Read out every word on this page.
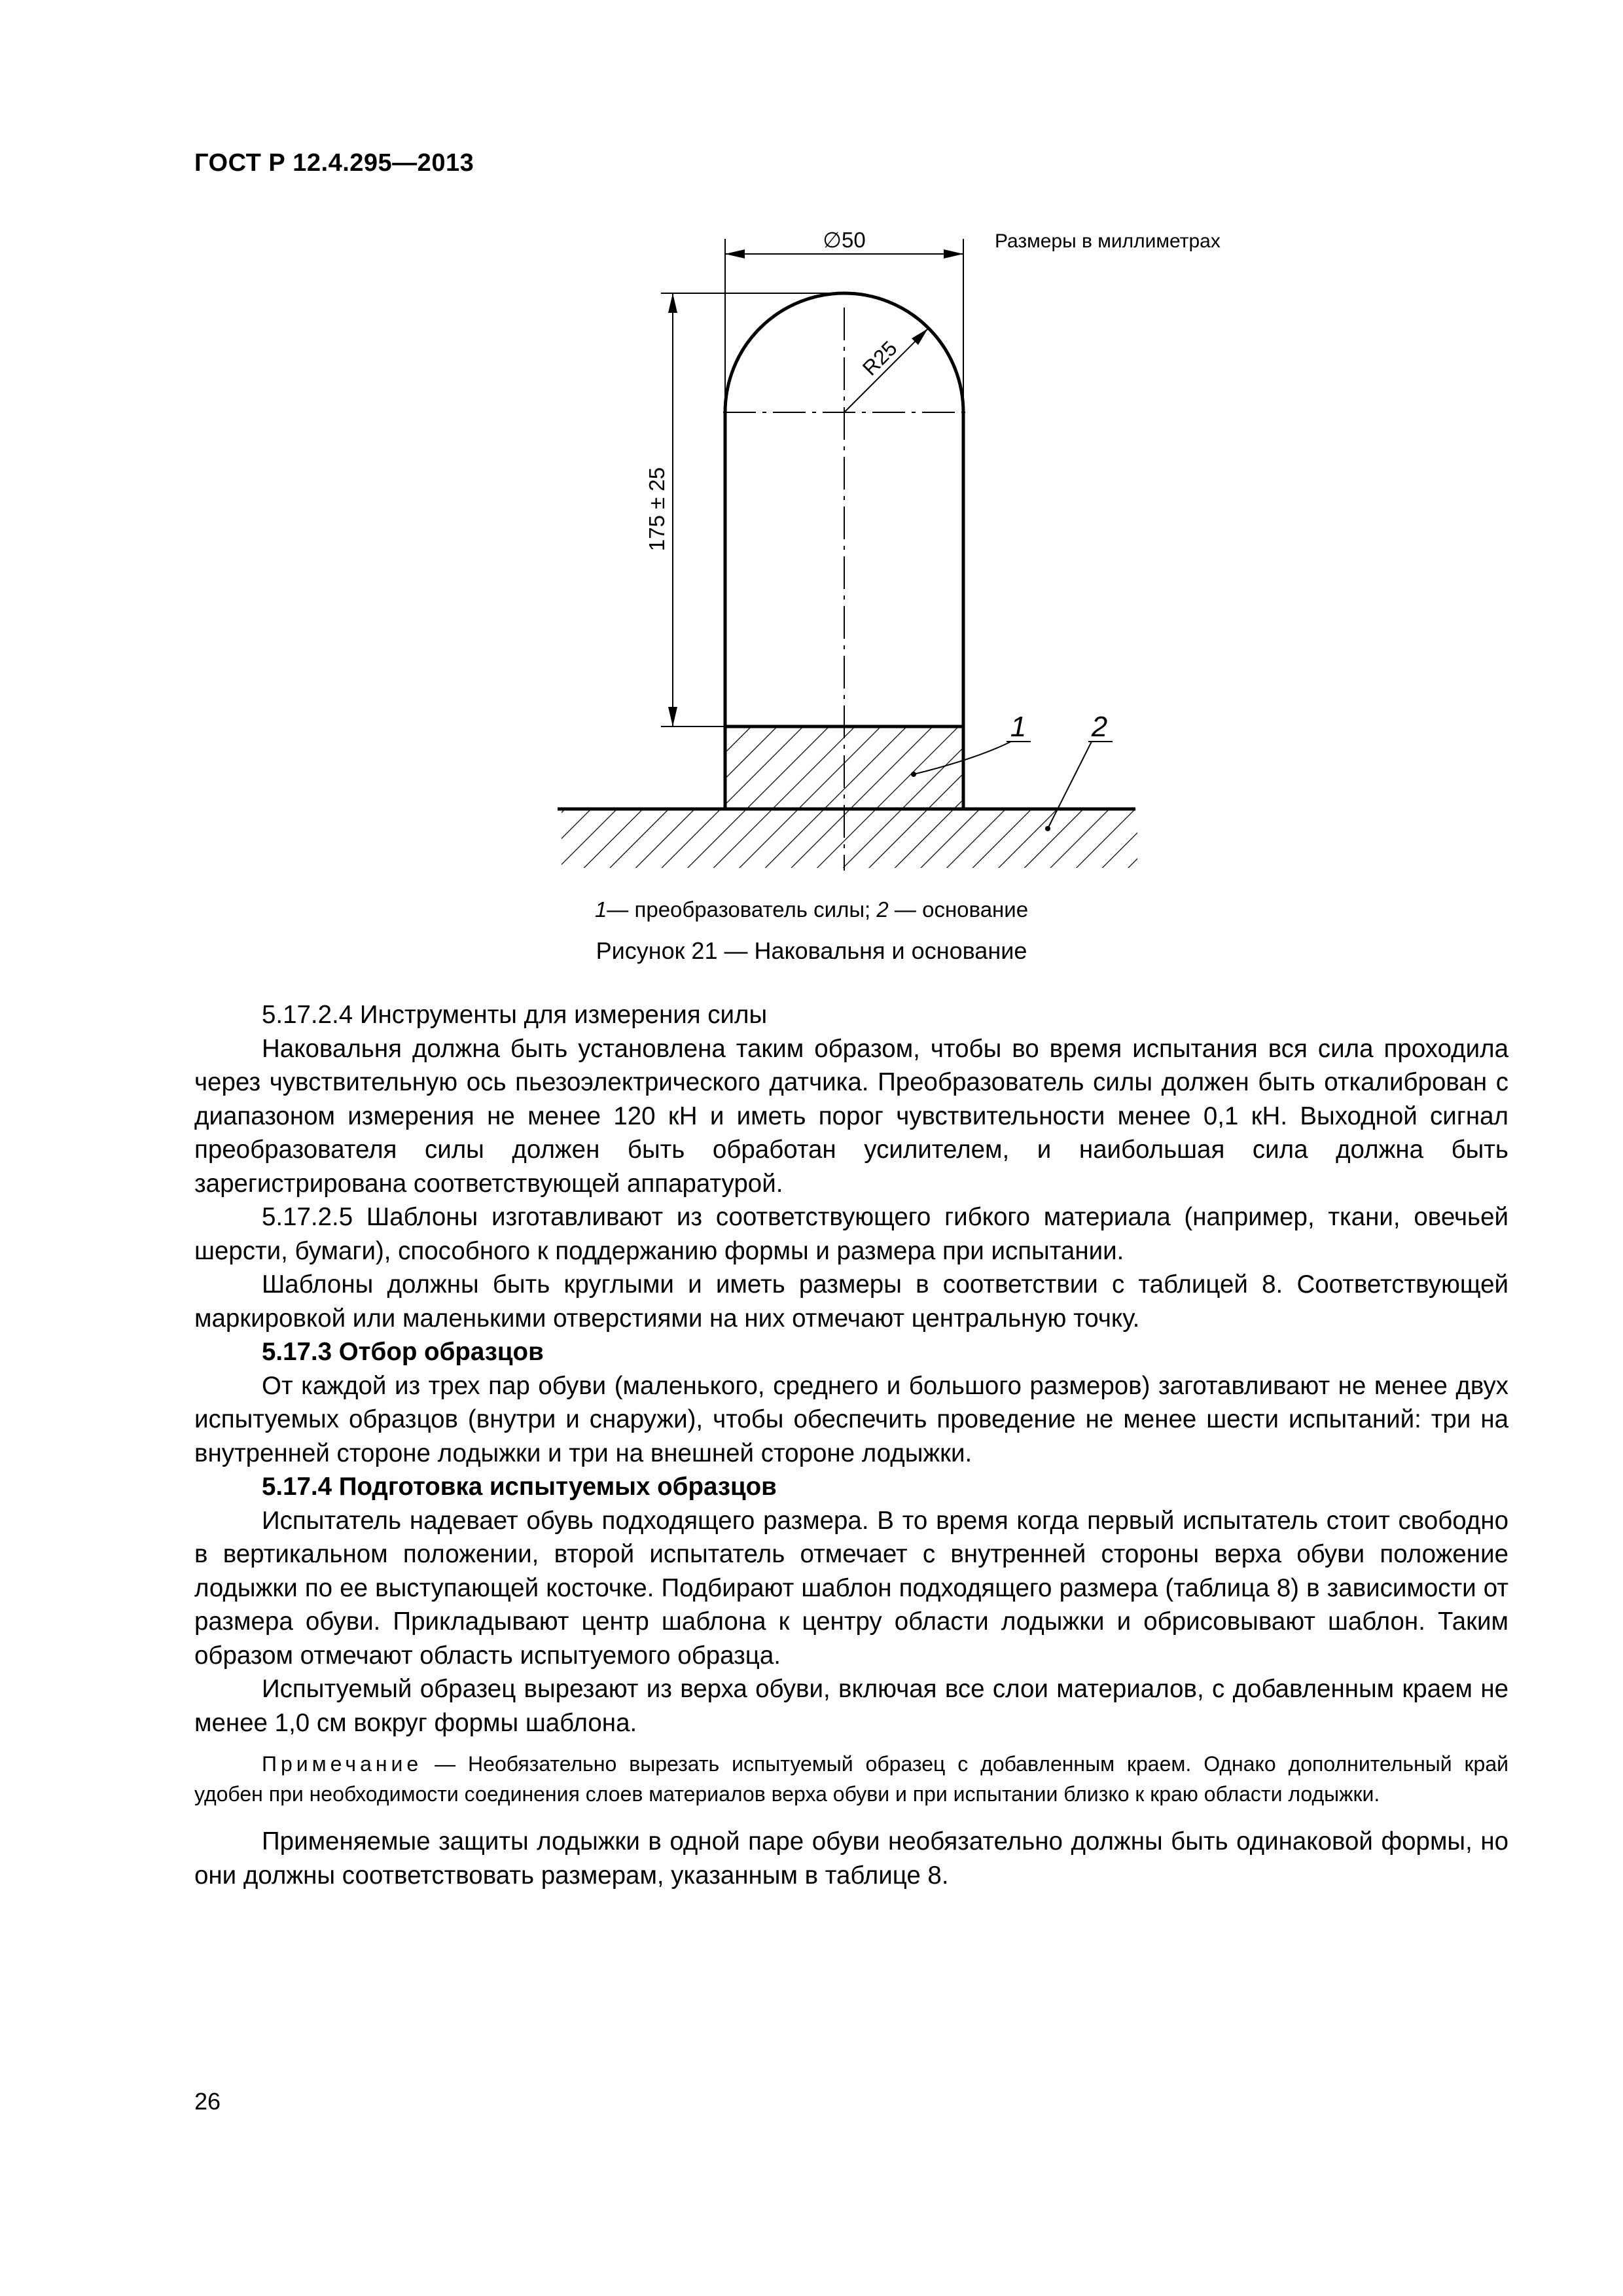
ГОСТ Р 12.4.295—2013
∅50	Размеры в миллиметрах
175 ± 25
R25
1 2
1— преобразователь силы; 2 — основание
Рисунок 21 — Наковальня и основание

5.17.2.4 Инструменты для измерения силы

Наковальня должна быть установлена таким образом, чтобы во время испытания вся сила проходила через чувствительную ось пьезоэлектрического датчика. Преобразователь силы должен быть откалиброван с диапазоном измерения не менее 120 кН и иметь порог чувствительности менее 0,1 кН. Выходной сигнал преобразователя силы должен быть обработан усилителем, и наибольшая сила должна быть зарегистрирована соответствующей аппаратурой.

5.17.2.5 Шаблоны изготавливают из соответствующего гибкого материала (например, ткани, овечьей шерсти, бумаги), способного к поддержанию формы и размера при испытании.

Шаблоны должны быть круглыми и иметь размеры в соответствии с таблицей 8. Соответствующей маркировкой или маленькими отверстиями на них отмечают центральную точку.

5.17.3 Отбор образцов

От каждой из трех пар обуви (маленького, среднего и большого размеров) заготавливают не менее двух испытуемых образцов (внутри и снаружи), чтобы обеспечить проведение не менее шести испытаний: три на внутренней стороне лодыжки и три на внешней стороне лодыжки.

5.17.4 Подготовка испытуемых образцов

Испытатель надевает обувь подходящего размера. В то время когда первый испытатель стоит свободно в вертикальном положении, второй испытатель отмечает с внутренней стороны верха обуви положение лодыжки по ее выступающей косточке. Подбирают шаблон подходящего размера (таблица 8) в зависимости от размера обуви. Прикладывают центр шаблона к центру области лодыжки и обрисовывают шаблон. Таким образом отмечают область испытуемого образца.

Испытуемый образец вырезают из верха обуви, включая все слои материалов, с добавленным краем не менее 1,0 см вокруг формы шаблона.

Примечание — Необязательно вырезать испытуемый образец с добавленным краем. Однако дополнительный край удобен при необходимости соединения слоев материалов верха обуви и при испытании близко к краю области лодыжки.

Применяемые защиты лодыжки в одной паре обуви необязательно должны быть одинаковой формы, но они должны соответствовать размерам, указанным в таблице 8.

26
